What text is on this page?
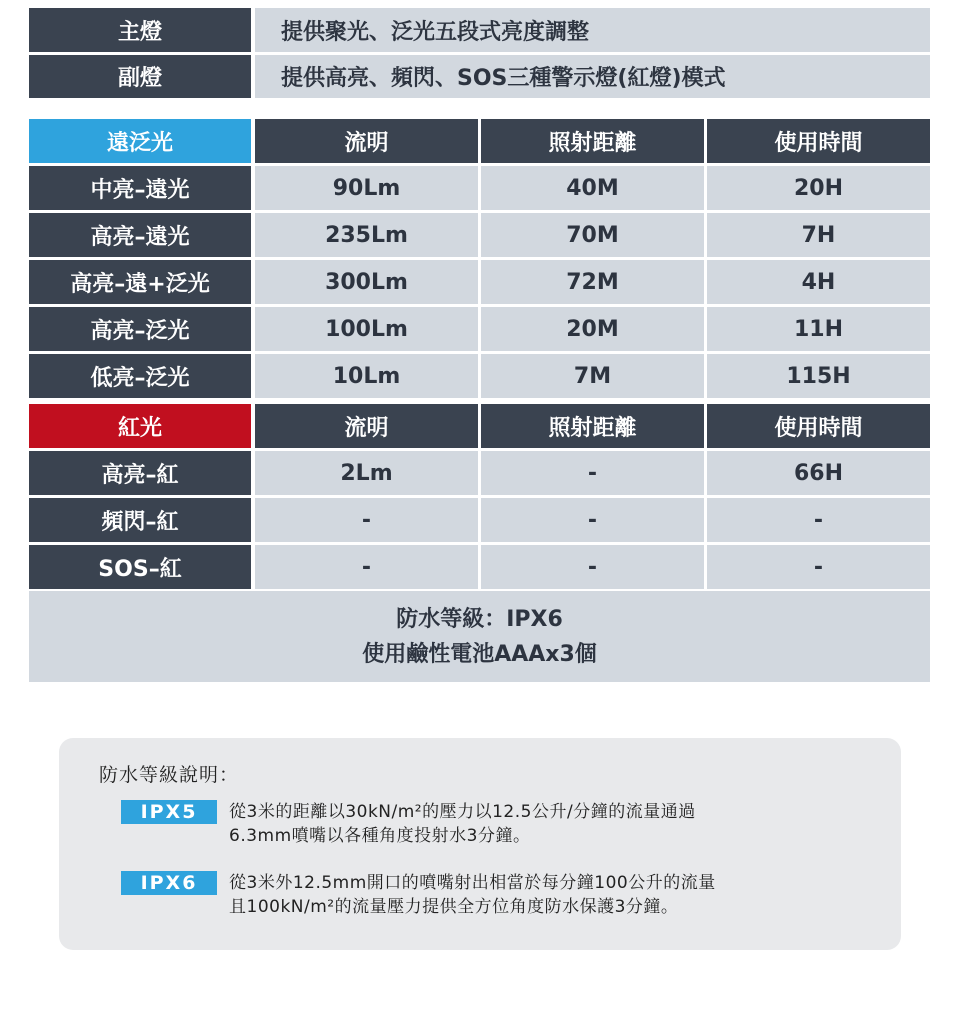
主燈	提供聚光、泛光五段式亮度調整
副燈	提供高亮、頻閃、SOS三種警示燈(紅燈)模式
遠泛光	流明	照射距離	使用時間
中亮–遠光	90Lm	40M	20H
高亮–遠光	235Lm	70M	7H
高亮–遠+泛光	300Lm	72M	4H
高亮–泛光	100Lm	20M	11H
低亮–泛光	10Lm	7M	115H
紅光	流明	照射距離	使用時間
高亮–紅	2Lm	-	66H
頻閃–紅	-	-	-
SOS–紅	-	-	-
防水等級：IPX6
使用鹼性電池AAAx3個
防水等級說明：
IPX5	從3米的距離以30kN/m²的壓力以12.5公升/分鐘的流量通過
6.3mm噴嘴以各種角度投射水3分鐘。
IPX6	從3米外12.5mm開口的噴嘴射出相當於每分鐘100公升的流量
且100kN/m²的流量壓力提供全方位角度防水保護3分鐘。
